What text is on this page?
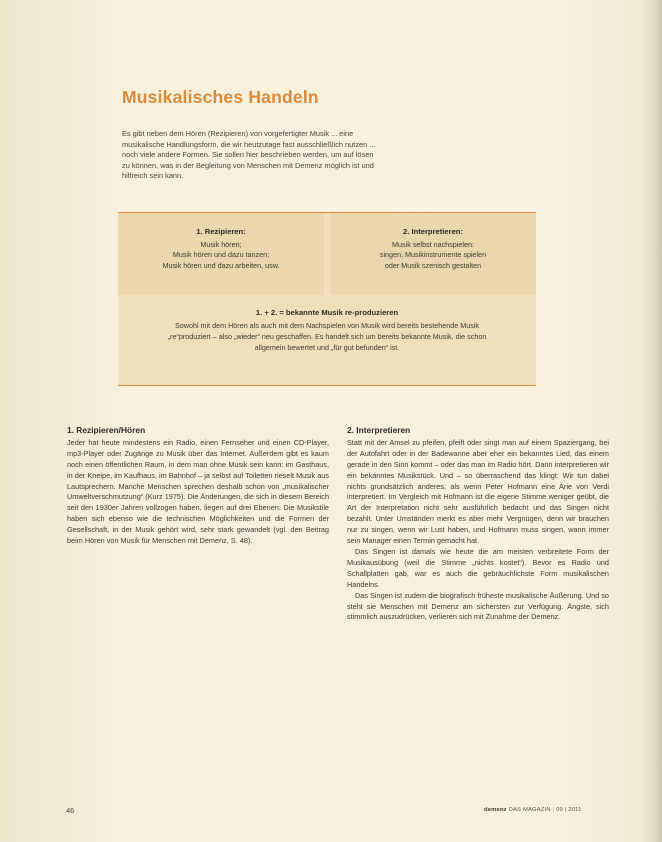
Musikalisches Handeln
Es gibt neben dem Hören (Rezipieren) von vorgefertigter Musik ... eine musikalische Handlungsform, die wir heutzutage fast ausschließlich nutzen ... noch viele andere Formen. Sie sollen hier beschrieben werden, um auf lösen zu können, was in der Begleitung von Menschen mit Demenz möglich ist und hilfreich sein kann.
1. Rezipieren:

Musik hören;

Musik hören und dazu tanzen;

Musik hören und dazu arbeiten, usw.

2. Interpretieren:

Musik selbst nachspielen:

singen, Musikinstrumente spielen

oder Musik szenisch gestalten

1. + 2. = bekannte Musik re-produzieren

Sowohl mit dem Hören als auch mit dem Nachspielen von Musik wird bereits bestehende Musik „re“produziert – also „wieder“ neu geschaffen. Es handelt sich um bereits bekannte Musik, die schon allgemein bewertet und „für gut befunden“ ist.

1. Rezipieren/Hören

Jeder hat heute mindestens ein Radio, einen Fernseher und einen CD-Player, mp3-Player oder Zugänge zu Musik über das Internet. Außerdem gibt es kaum noch einen öffentlichen Raum, in dem man ohne Musik sein kann: im Gasthaus, in der Kneipe, im Kaufhaus, im Bahnhof – ja selbst auf Toiletten rieselt Musik aus Lautsprechern. Manche Menschen sprechen deshalb schon von „musikalischer Umweltverschmutzung“ (Kurz 1975). Die Änderungen, die sich in diesem Bereich seit den 1930er Jahren vollzogen haben, liegen auf drei Ebenen: Die Musikstile haben sich ebenso wie die technischen Möglichkeiten und die Formen der Gesellschaft, in der Musik gehört wird, sehr stark gewandelt (vgl. den Beitrag beim Hören von Musik für Menschen mit Demenz, S. 48).

2. Interpretieren

Statt mit der Amsel zu pfeifen, pfeift oder singt man auf einem Spaziergang, bei der Autofahrt oder in der Badewanne aber eher ein bekanntes Lied, das einem gerade in den Sinn kommt – oder das man im Radio hört. Dann interpretieren wir ein bekanntes Musikstück. Und – so überraschend das klingt: Wir tun dabei nichts grundsätzlich anderes, als wenn Peter Hofmann eine Arie von Verdi interpretiert. Im Vergleich mit Hofmann ist die eigene Stimme weniger geübt, die Art der Interpretation nicht sehr ausführlich bedacht und das Singen nicht bezahlt. Unter Umständen merkt es aber mehr Vergnügen, denn wir brauchen nur zu singen, wenn wir Lust haben, und Hofmann muss singen, wann immer sein Manager einen Termin gemacht hat.

Das Singen ist damals wie heute die am meisten verbreitete Form der Musikausübung (weil die Stimme „nichts kostet“). Bevor es Radio und Schallplatten gab, war es auch die gebräuchlichste Form musikalischen Handelns.

Das Singen ist zudem die biografisch früheste musikalische Äußerung. Und so steht sie Menschen mit Demenz am sichersten zur Verfügung. Ängste, sich stimmlich auszudrücken, verlieren sich mit Zunahme der Demenz.

46	demenz DAS MAGAZIN | 09 | 2011
